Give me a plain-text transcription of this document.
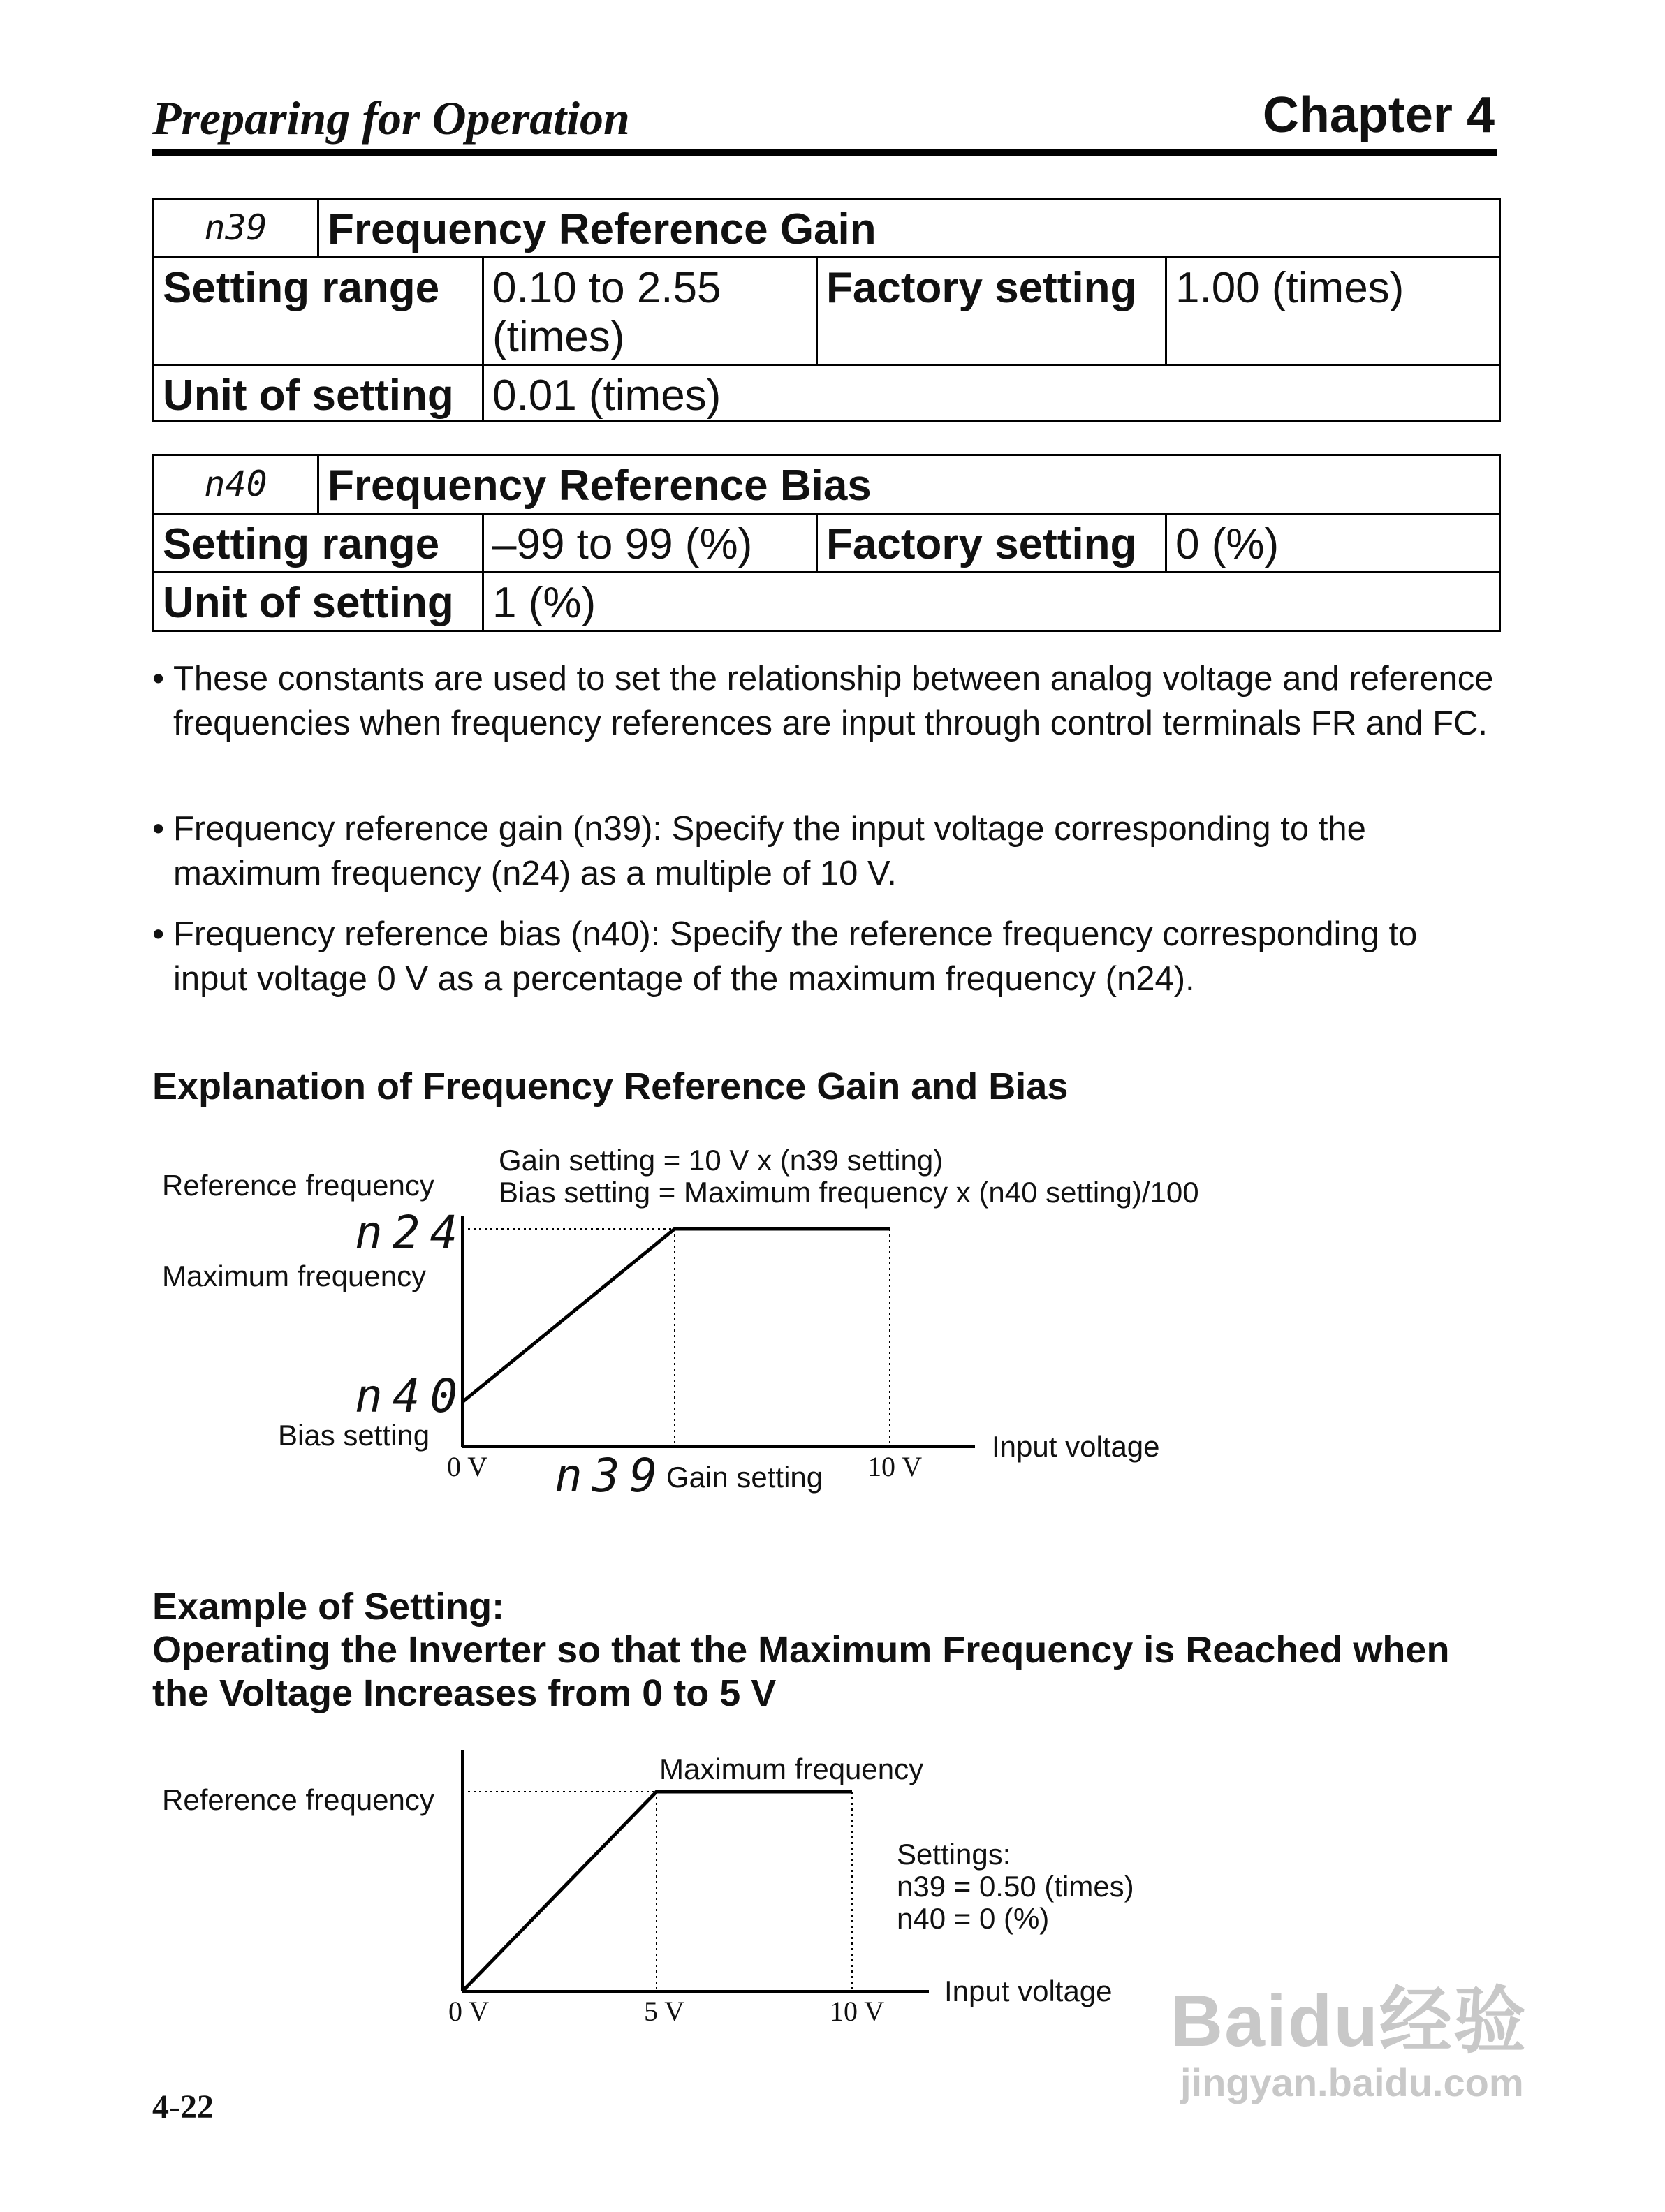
Preparing for Operation	Chapter 4
n39	Frequency Reference Gain			
Setting range		0.10 to 2.55 (times)	Factory setting	1.00 (times)
Unit of setting		0.01 (times)		
n40	Frequency Reference Bias			
Setting range		–99 to 99 (%)	Factory setting	0 (%)
Unit of setting		1 (%)		
• These constants are used to set the relationship between analog voltage and reference frequencies when frequency references are input through control terminals FR and FC.
• Frequency reference gain (n39): Specify the input voltage corresponding to the maximum frequency (n24) as a multiple of 10 V.
• Frequency reference bias (n40): Specify the reference frequency corresponding to input voltage 0 V as a percentage of the maximum frequency (n24).
Explanation of Frequency Reference Gain and Bias
Example of Setting:
Operating the Inverter so that the Maximum Frequency is Reached when
the Voltage Increases from 0 to 5 V
Gain setting = 10 V x (n39 setting)
Bias setting = Maximum frequency x (n40 setting)/100
Reference frequency
n24
Maximum frequency
n40
Bias setting
0 V	10 V
Input voltage
n39
Gain setting
Maximum frequency
Reference frequency
Settings:
n39 = 0.50 (times)
n40 = 0 (%)
0 V	5 V	10 V
Input voltage
4-22
Baidu经验
jingyan.baidu.com
